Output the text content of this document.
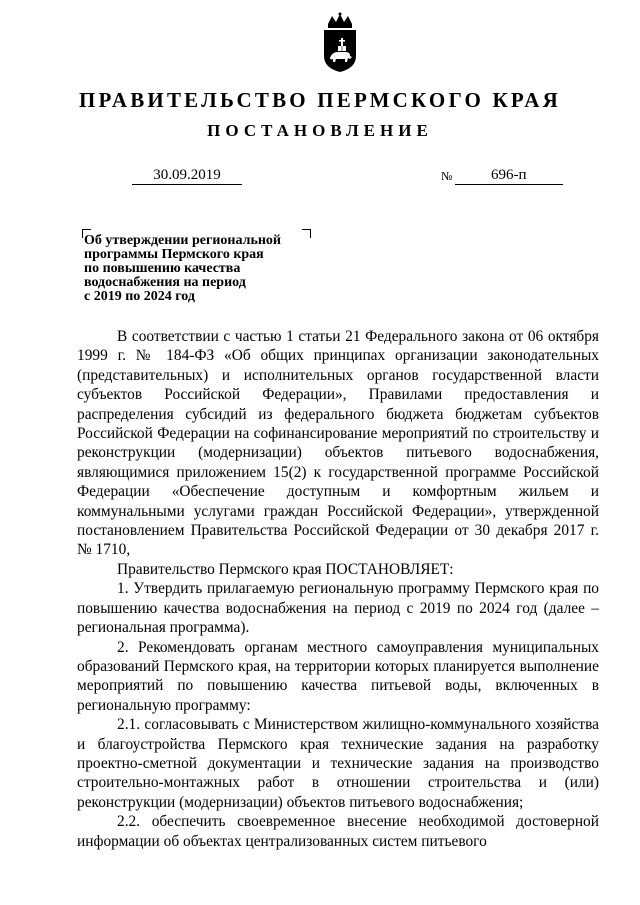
ПРАВИТЕЛЬСТВО ПЕРМСКОГО КРАЯ
ПОСТАНОВЛЕНИЕ
30.09.2019	№	696-п
Об утверждении региональной
программы Пермского края
по повышению качества
водоснабжения на период
с 2019 по 2024 год

В соответствии с частью 1 статьи 21 Федерального закона от 06 октября 1999 г. № 184-ФЗ «Об общих принципах организации законодательных (представительных) и исполнительных органов государственной власти субъектов Российской Федерации», Правилами предоставления и распределения субсидий из федерального бюджета бюджетам субъектов Российской Федерации на софинансирование мероприятий по строительству и реконструкции (модернизации) объектов питьевого водоснабжения, являющимися приложением 15(2) к государственной программе Российской Федерации «Обеспечение доступным и комфортным жильем и коммунальными услугами граждан Российской Федерации», утвержденной постановлением Правительства Российской Федерации от 30 декабря 2017 г. № 1710,

Правительство Пермского края ПОСТАНОВЛЯЕТ:

1. Утвердить прилагаемую региональную программу Пермского края по повышению качества водоснабжения на период с 2019 по 2024 год (далее – региональная программа).

2. Рекомендовать органам местного самоуправления муниципальных образований Пермского края, на территории которых планируется выполнение мероприятий по повышению качества питьевой воды, включенных в региональную программу:

2.1. согласовывать с Министерством жилищно-коммунального хозяйства и благоустройства Пермского края технические задания на разработку проектно-сметной документации и технические задания на производство строительно-монтажных работ в отношении строительства и (или) реконструкции (модернизации) объектов питьевого водоснабжения;

2.2. обеспечить своевременное внесение необходимой достоверной информации об объектах централизованных систем питьевого
